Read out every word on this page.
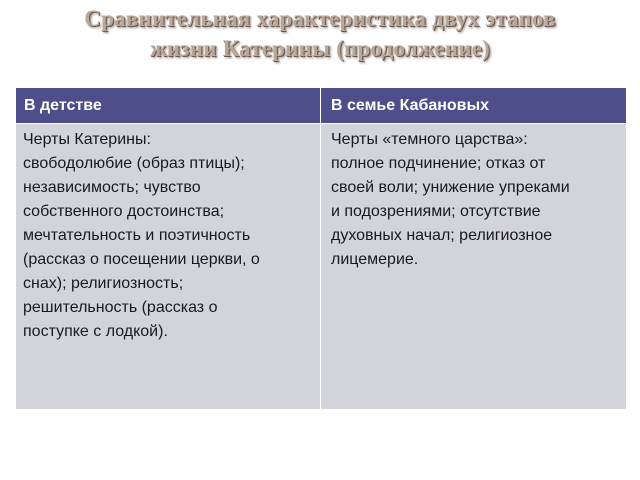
Сравнительная характеристика двух этапов
жизни Катерины (продолжение)
В детстве	В семье Кабановых
Черты Катерины:
свободолюбие (образ птицы);
независимость; чувство
собственного достоинства;
мечтательность и поэтичность
(рассказ о посещении церкви, о
снах); религиозность;
решительность (рассказ о
поступке с лодкой).
Черты «темного царства»:
полное подчинение; отказ от
своей воли; унижение упреками
и подозрениями; отсутствие
духовных начал; религиозное
лицемерие.
